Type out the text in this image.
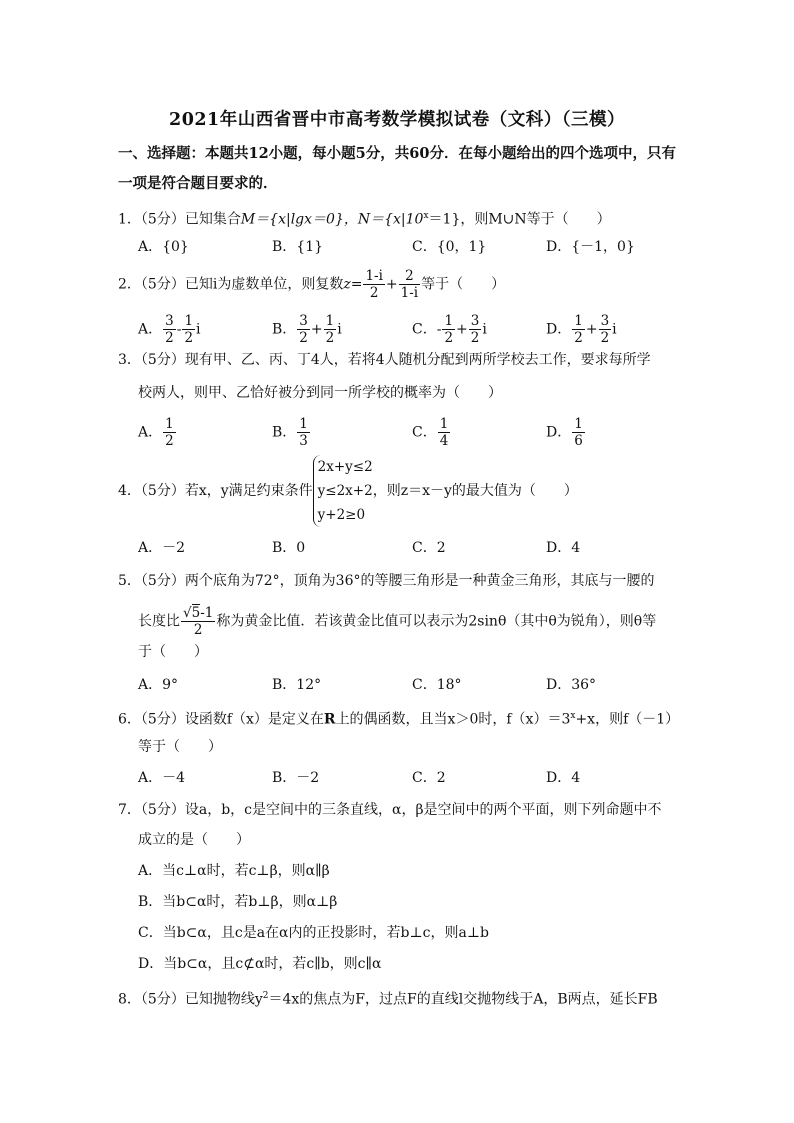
2021年山西省晋中市高考数学模拟试卷（文科）（三模）
一、选择题：本题共12小题，每小题5分，共60分．在每小题给出的四个选项中，只有
一项是符合题目要求的．
1．（5分）已知集合M＝{x|lgx＝0}，$N=\{x|10^x=1\}$，则M∪N等于（　　）
A．{0}	B．{1}	C．{0，1}	D．{－1，0}
2．（5分）已知i为虚数单位，则复数$z= \frac{1-i}{2} + \frac{2}{1-i}$ 等于（　　）
A． $\frac{3}{2} - \frac{1}{2}$ i	B． $\frac{3}{2} + \frac{1}{2}$ i	C．- $\frac{1}{2} + \frac{3}{2}$ i	D． $\frac{1}{2} + \frac{3}{2}$ i
3．（5分）现有甲、乙、丙、丁4人，若将4人随机分配到两所学校去工作，要求每所学
校两人，则甲、乙恰好被分到同一所学校的概率为（　　）
A． $\frac{1}{2}$	B． $\frac{1}{3}$	C． $\frac{1}{4}$	D． $\frac{1}{6}$
4．（5分）若x，y满足约束条件
2x+y≤2
y≤2x+2
y+2≥0
，则z＝x－y的最大值为（　　）
A．－2	B．0	C．2	D．4
5．（5分）两个底角为72°，顶角为36°的等腰三角形是一种黄金三角形，其底与一腰的
长度比 $\frac{√5-1}{2}$ 称为黄金比值．若该黄金比值可以表示为2sinθ（其中θ为锐角），则θ等
于（　　）
A．9°	B．12°	C．18°	D．36°
6．（5分）设函数f（x）是定义在R上的偶函数，且当x＞0时，$f(x)=3^x+x$，则f（－1）
等于（　　）
A．－4	B．－2	C．2	D．4
7．（5分）设a，b，c是空间中的三条直线，α，β是空间中的两个平面，则下列命题中不
成立的是（　　）
A．当c⊥α时，若c⊥β，则α∥β
B．当b⊂α时，若b⊥β，则α⊥β
C．当b⊂α，且c是a在α内的正投影时，若b⊥c，则a⊥b
D．当b⊂α，且c⊄α时，若c∥b，则c∥α
8．（5分）已知抛物线$y^2=4x$的焦点为F，过点F的直线l交抛物线于A，B两点，延长FB
